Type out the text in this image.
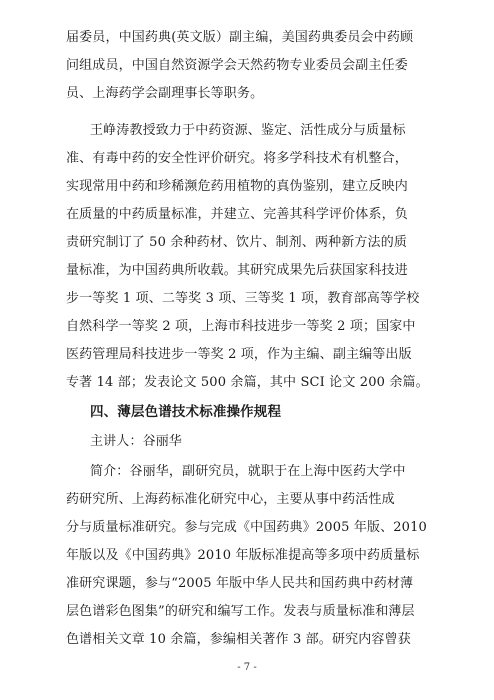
届委员，中国药典(英文版）副主编，美国药典委员会中药顾
问组成员，中国自然资源学会天然药物专业委员会副主任委
员、上海药学会副理事长等职务。
王峥涛教授致力于中药资源、鉴定、活性成分与质量标
准、有毒中药的安全性评价研究。将多学科技术有机整合，
实现常用中药和珍稀濒危药用植物的真伪鉴别，建立反映内
在质量的中药质量标准，并建立、完善其科学评价体系，负
责研究制订了 50 余种药材、饮片、制剂、两种新方法的质
量标准，为中国药典所收载。其研究成果先后获国家科技进
步一等奖 1 项、二等奖 3 项、三等奖 1 项，教育部高等学校
自然科学一等奖 2 项，上海市科技进步一等奖 2 项；国家中
医药管理局科技进步一等奖 2 项，作为主编、副主编等出版
专著 14 部；发表论文 500 余篇，其中 SCI 论文 200 余篇。
四、薄层色谱技术标准操作规程
主讲人：谷丽华
简介：谷丽华，副研究员，就职于在上海中医药大学中
药研究所、上海药标准化研究中心，主要从事中药活性成
分与质量标准研究。参与完成《中国药典》2005 年版、2010
年版以及《中国药典》2010 年版标准提高等多项中药质量标
准研究课题，参与“2005 年版中华人民共和国药典中药材薄
层色谱彩色图集”的研究和编写工作。发表与质量标准和薄层
色谱相关文章 10 余篇，参编相关著作 3 部。研究内容曾获
- 7 -
